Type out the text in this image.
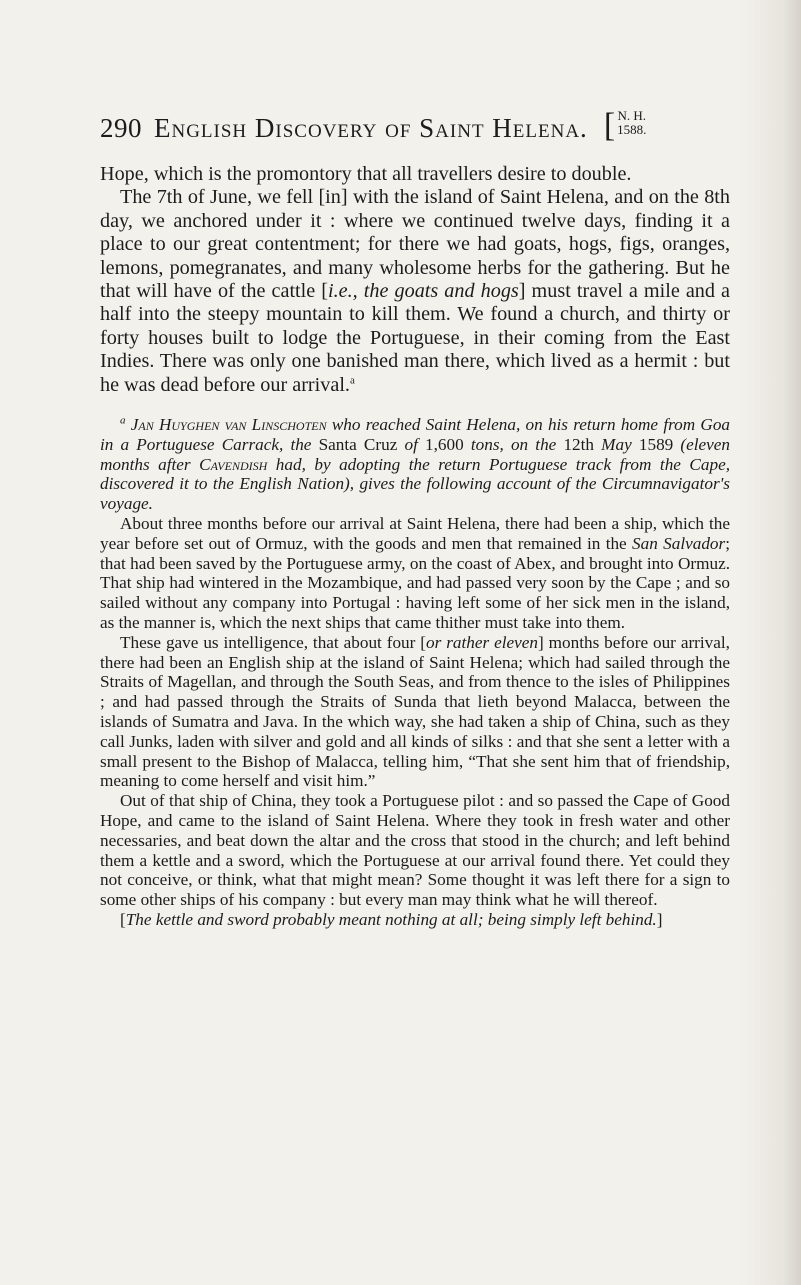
290 English Discovery of Saint Helena. [ N. H.
1588.

Hope, which is the promontory that all travellers desire to double.

The 7th of June, we fell [in] with the island of Saint Helena, and on the 8th day, we anchored under it : where we continued twelve days, finding it a place to our great contentment; for there we had goats, hogs, figs, oranges, lemons, pomegranates, and many wholesome herbs for the gathering. But he that will have of the cattle [i.e., the goats and hogs] must travel a mile and a half into the steepy mountain to kill them. We found a church, and thirty or forty houses built to lodge the Portuguese, in their coming from the East Indies. There was only one banished man there, which lived as a hermit : but he was dead before our arrival.$^a$

$^a$ Jan Huyghen van Linschoten who reached Saint Helena, on his return home from Goa in a Portuguese Carrack, the Santa Cruz of 1,600 tons, on the 12th May 1589 (eleven months after Cavendish had, by adopting the return Portuguese track from the Cape, discovered it to the English Nation), gives the following account of the Circumnavigator's voyage.

About three months before our arrival at Saint Helena, there had been a ship, which the year before set out of Ormuz, with the goods and men that remained in the San Salvador; that had been saved by the Portuguese army, on the coast of Abex, and brought into Ormuz. That ship had wintered in the Mozambique, and had passed very soon by the Cape ; and so sailed without any company into Portugal : having left some of her sick men in the island, as the manner is, which the next ships that came thither must take into them.

These gave us intelligence, that about four [or rather eleven] months before our arrival, there had been an English ship at the island of Saint Helena; which had sailed through the Straits of Magellan, and through the South Seas, and from thence to the isles of Philippines ; and had passed through the Straits of Sunda that lieth beyond Malacca, between the islands of Sumatra and Java. In the which way, she had taken a ship of China, such as they call Junks, laden with silver and gold and all kinds of silks : and that she sent a letter with a small present to the Bishop of Malacca, telling him, “That she sent him that of friendship, meaning to come herself and visit him.”

Out of that ship of China, they took a Portuguese pilot : and so passed the Cape of Good Hope, and came to the island of Saint Helena. Where they took in fresh water and other necessaries, and beat down the altar and the cross that stood in the church; and left behind them a kettle and a sword, which the Portuguese at our arrival found there. Yet could they not conceive, or think, what that might mean? Some thought it was left there for a sign to some other ships of his company : but every man may think what he will thereof.

[The kettle and sword probably meant nothing at all; being simply left behind.]
